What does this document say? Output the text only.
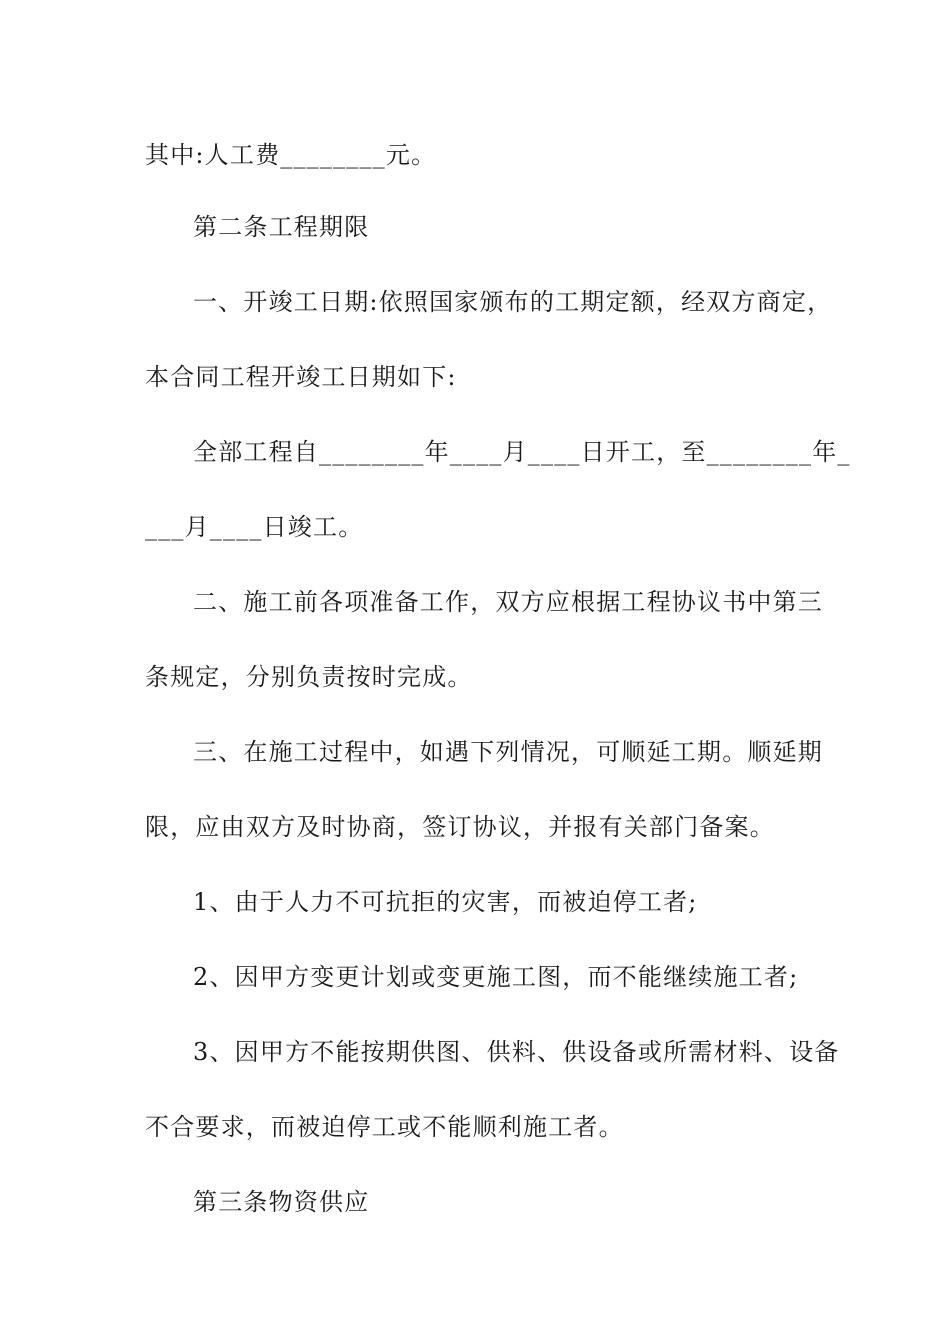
其中:人工费________元。

第二条工程期限

一、开竣工日期:依照国家颁布的工期定额，经双方商定，

本合同工程开竣工日期如下:

全部工程自________年____月____日开工，至________年_

___月____日竣工。

二、施工前各项准备工作，双方应根据工程协议书中第三

条规定，分别负责按时完成。

三、在施工过程中，如遇下列情况，可顺延工期。顺延期

限，应由双方及时协商，签订协议，并报有关部门备案。

1、由于人力不可抗拒的灾害，而被迫停工者;

2、因甲方变更计划或变更施工图，而不能继续施工者;

3、因甲方不能按期供图、供料、供设备或所需材料、设备

不合要求，而被迫停工或不能顺利施工者。

第三条物资供应
